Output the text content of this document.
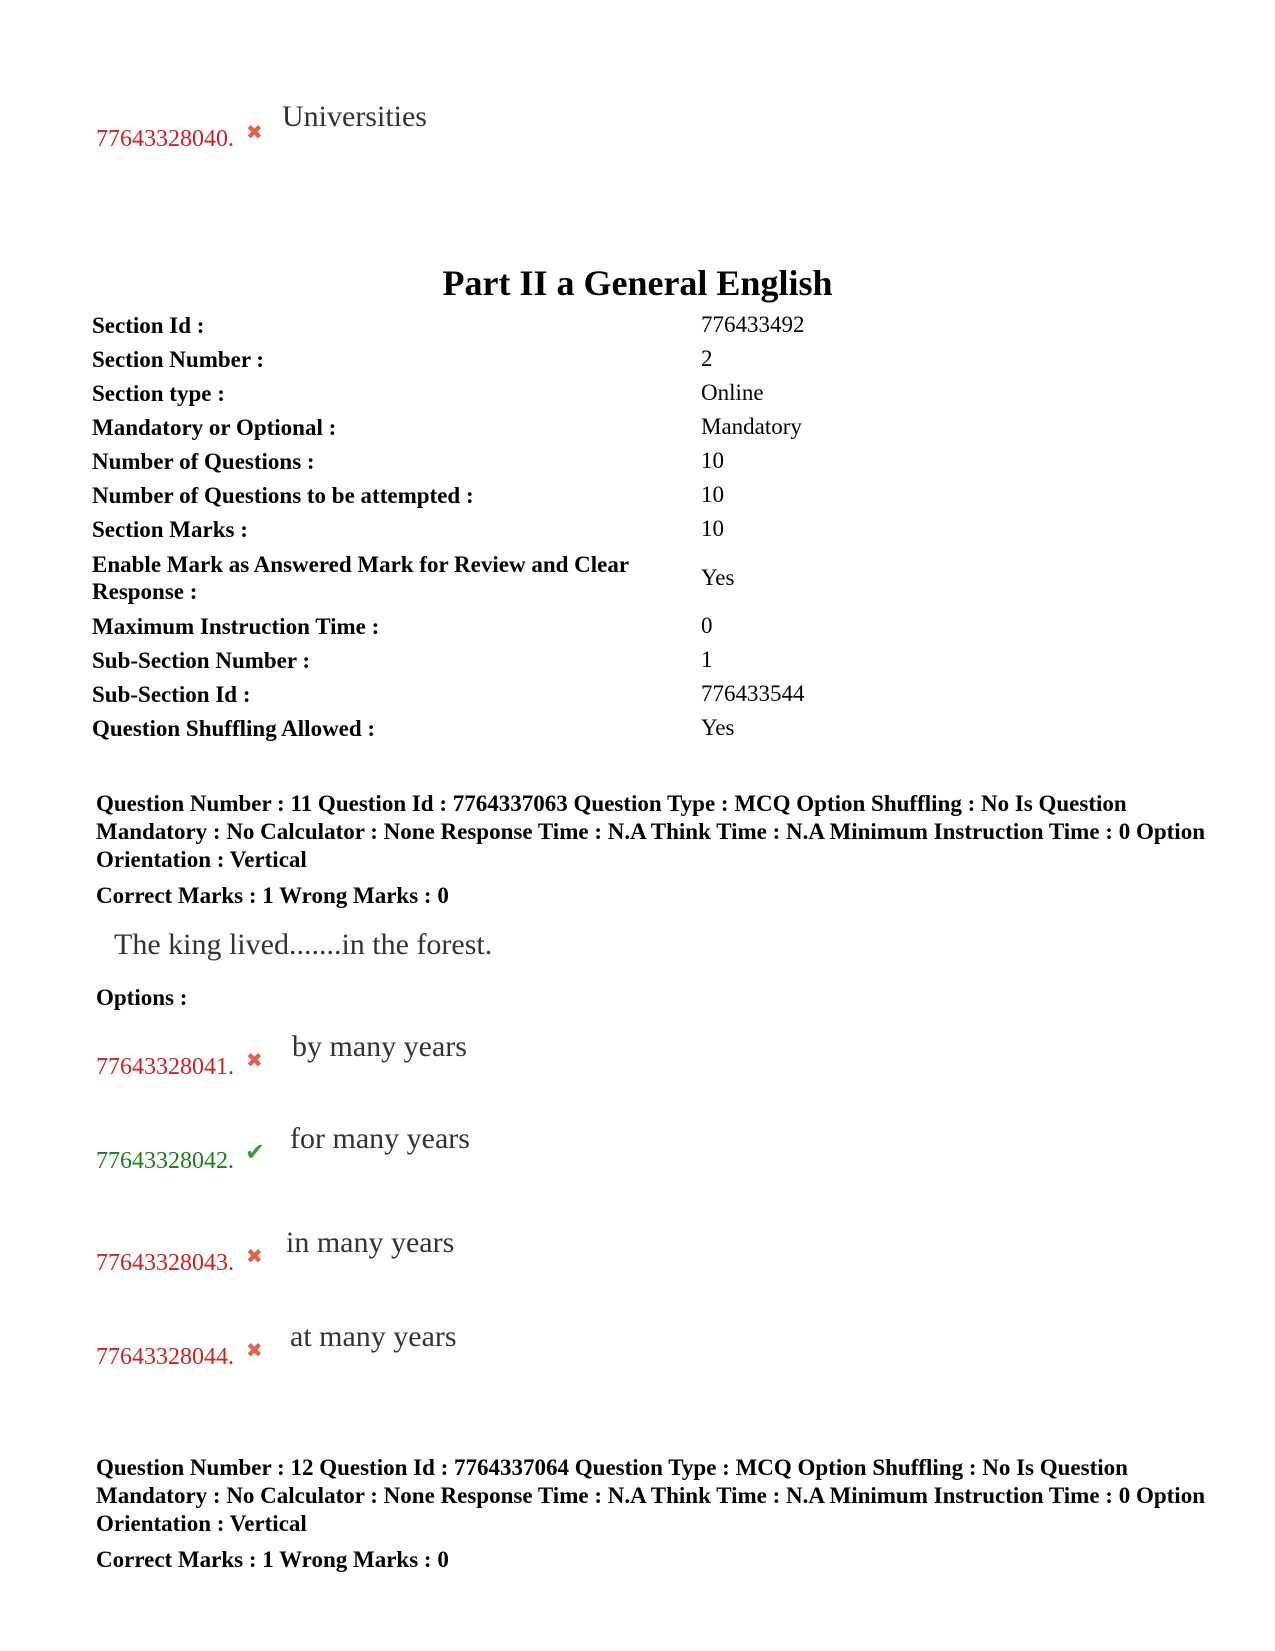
77643328040. ✖ Universities
Part II a General English
Section Id :	776433492
Section Number :	2
Section type :	Online
Mandatory or Optional :	Mandatory
Number of Questions :	10
Number of Questions to be attempted :	10
Section Marks :	10
Enable Mark as Answered Mark for Review and Clear Response :
Yes
Maximum Instruction Time :	0
Sub-Section Number :	1
Sub-Section Id :	776433544
Question Shuffling Allowed :	Yes
Question Number : 11 Question Id : 7764337063 Question Type : MCQ Option Shuffling : No Is Question Mandatory : No Calculator : None Response Time : N.A Think Time : N.A Minimum Instruction Time : 0 Option Orientation : Vertical
Correct Marks : 1 Wrong Marks : 0
The king lived.......in the forest.
Options :
77643328041. ✖ by many years
77643328042. ✔ for many years
77643328043. ✖ in many years
77643328044. ✖ at many years
Question Number : 12 Question Id : 7764337064 Question Type : MCQ Option Shuffling : No Is Question Mandatory : No Calculator : None Response Time : N.A Think Time : N.A Minimum Instruction Time : 0 Option Orientation : Vertical
Correct Marks : 1 Wrong Marks : 0
